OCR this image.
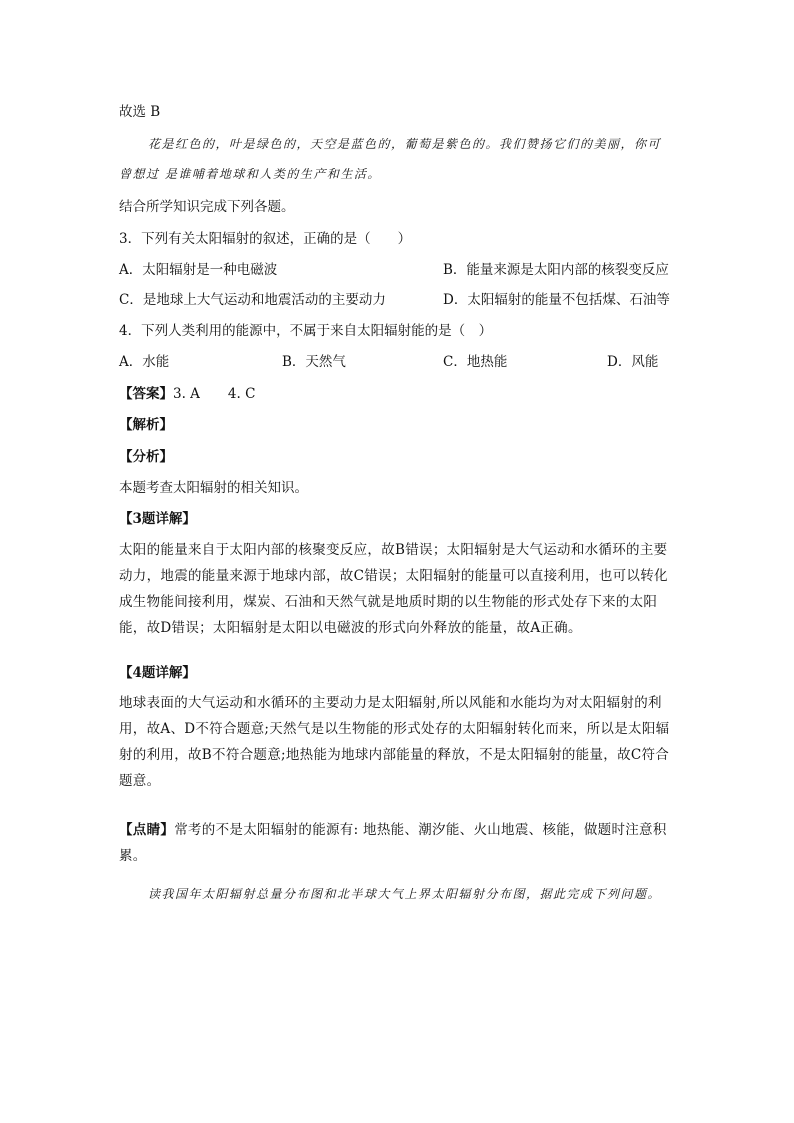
故选 B
花是红色的，叶是绿色的，天空是蓝色的，葡萄是紫色的。我们赞扬它们的美丽，你可
曾想过 是谁哺着地球和人类的生产和生活。
结合所学知识完成下列各题。
3．下列有关太阳辐射的叙述，正确的是（　　）
A．太阳辐射是一种电磁波	B．能量来源是太阳内部的核裂变反应
C．是地球上大气运动和地震活动的主要动力	D．太阳辐射的能量不包括煤、石油等
4．下列人类利用的能源中，不属于来自太阳辐射能的是（　）
A．水能	B．天然气	C．地热能	D．风能
【答案】3. A 4. C
【解析】
【分析】
本题考查太阳辐射的相关知识。
【3题详解】
太阳的能量来自于太阳内部的核聚变反应，故B错误；太阳辐射是大气运动和水循环的主要动力，地震的能量来源于地球内部，故C错误；太阳辐射的能量可以直接利用，也可以转化成生物能间接利用，煤炭、石油和天然气就是地质时期的以生物能的形式处存下来的太阳能，故D错误；太阳辐射是太阳以电磁波的形式向外释放的能量，故A正确。
【4题详解】
地球表面的大气运动和水循环的主要动力是太阳辐射,所以风能和水能均为对太阳辐射的利用，故A、D不符合题意;天然气是以生物能的形式处存的太阳辐射转化而来，所以是太阳辐射的利用，故B不符合题意;地热能为地球内部能量的释放，不是太阳辐射的能量，故C符合题意。
【点睛】常考的不是太阳辐射的能源有: 地热能、潮汐能、火山地震、核能，做题时注意积累。
读我国年太阳辐射总量分布图和北半球大气上界太阳辐射分布图，据此完成下列问题。
